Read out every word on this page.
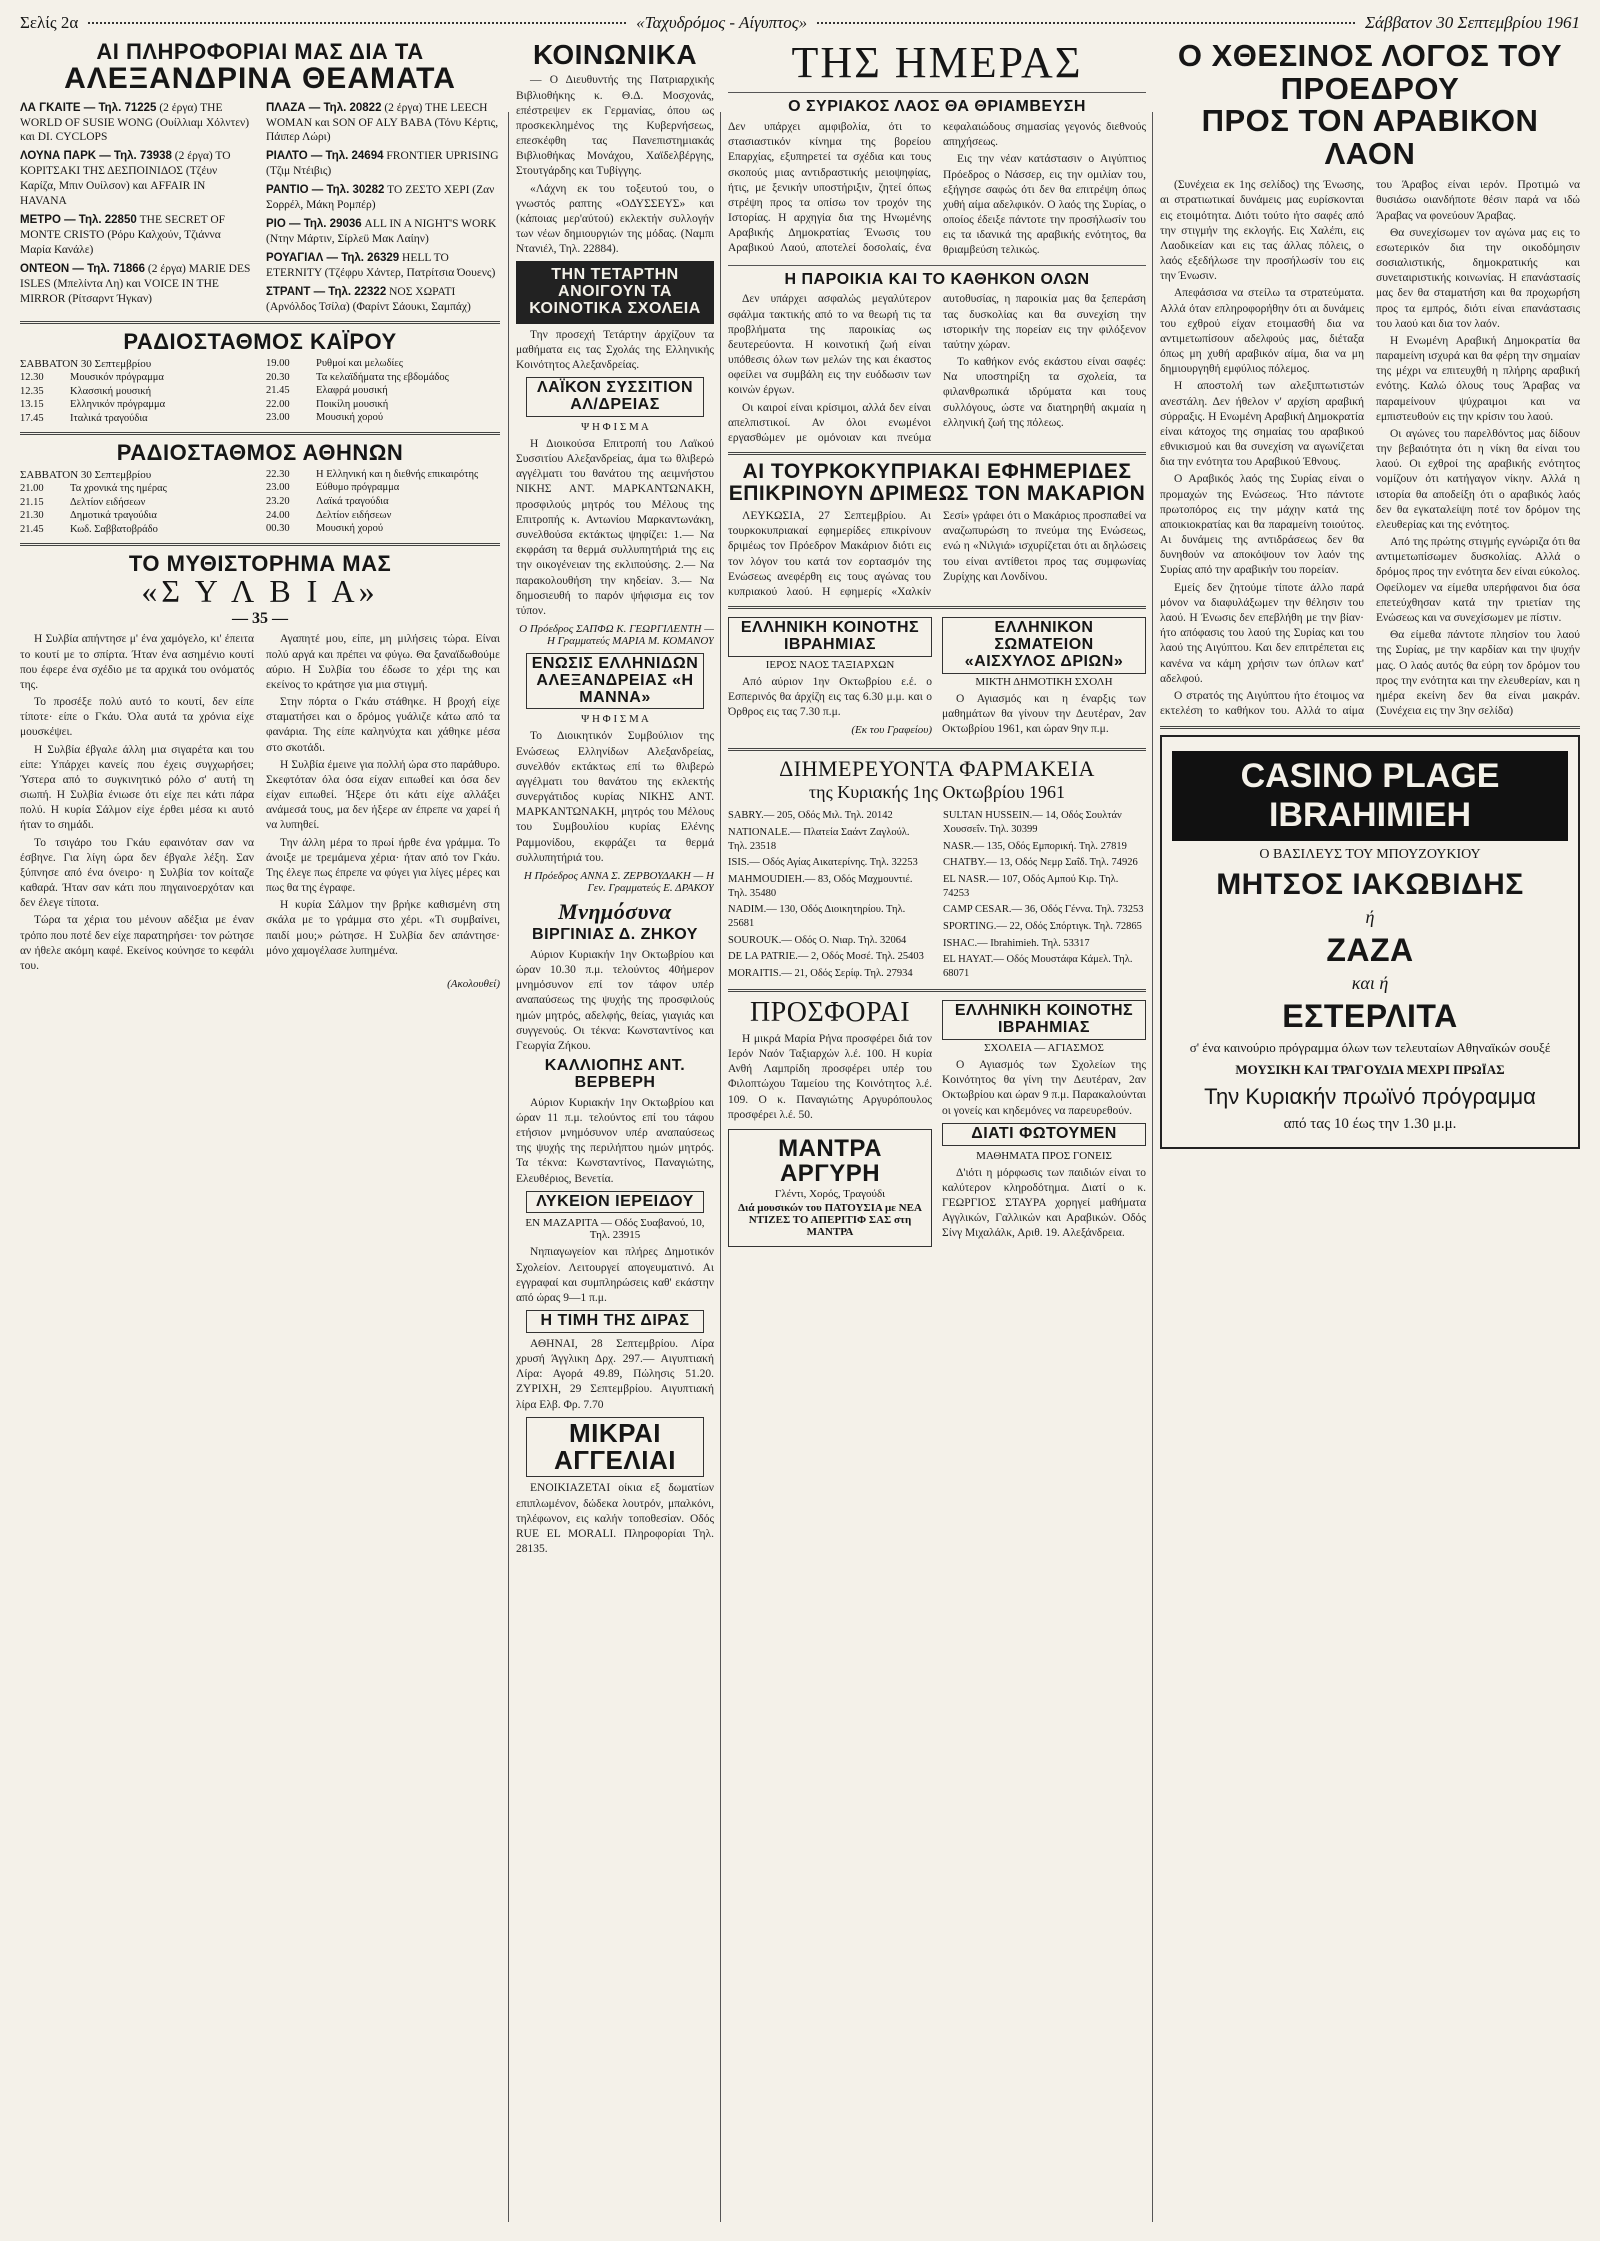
Σελίς 2α	«Ταχυδρόμος - Αίγυπτος»	Σάββατον 30 Σεπτεμβρίου 1961

ΑΙ ΠΛΗΡΟΦΟΡΙΑΙ ΜΑΣ ΔΙΑ ΤΑ

ΑΛΕΞΑΝΔΡΙΝΑ ΘΕΑΜΑΤΑ

ΛΑ ΓΚΑΙΤΕ — Τηλ. 71225 (2 έργα) THE WORLD OF SUSIE WONG (Ουίλλιαμ Χόλντεν) και DI. CYCLOPS
ΛΟΥΝΑ ΠΑΡΚ — Τηλ. 73938 (2 έργα) ΤΟ ΚΟΡΙΤΣΑΚΙ ΤΗΣ ΔΕΣΠΟΙΝΙΔΟΣ (Τζέυν Καρίζα, Μπιν Ουίλσον) και AFFAIR IN HAVANA
ΜΕΤΡΟ — Τηλ. 22850 THE SECRET OF MONTE CRISTO (Ρόρυ Καλχούν, Τζιάννα Μαρία Κανάλε)
ΟΝΤΕΟΝ — Τηλ. 71866 (2 έργα) MARIE DES ISLES (Μπελίντα Λη) και VOICE IN THE MIRROR (Ρίτσαρντ Ήγκαν)
ΠΛΑΖΑ — Τηλ. 20822 (2 έργα) THE LEECH WOMAN και SON OF ALY BABA (Τόνυ Κέρτις, Πάιπερ Λώρι)
ΡΙΑΛΤΟ — Τηλ. 24694 FRONTIER UPRISING (Τζιμ Ντέιβις)
ΡΑΝΤΙΟ — Τηλ. 30282 ΤΟ ΖΕΣΤΟ ΧΕΡΙ (Ζαν Σορρέλ, Μάκη Ρομπέρ)
ΡΙΟ — Τηλ. 29036 ALL IN A NIGHT'S WORK (Ντην Μάρτιν, Σίρλεϋ Μακ Λαίην)
ΡΟΥΑΓΙΑΛ — Τηλ. 26329 HELL TO ETERNITY (Τζέφρυ Χάντερ, Πατρίτσια Όουενς)
ΣΤΡΑΝΤ — Τηλ. 22322 ΝΟΣ ΧΩΡΑΤΙ (Αρνόλδος Τσίλα) (Φαρίντ Σάουκι, Σαμπάχ)

ΡΑΔΙΟΣΤΑΘΜΟΣ ΚΑΪΡΟΥ

ΣΑΒΒΑΤΟΝ 30 Σεπτεμβρίου
12.30	Μουσικόν πρόγραμμα
12.35	Κλασσική μουσική
13.15	Ελληνικόν πρόγραμμα
17.45	Ιταλικά τραγούδια
19.00	Ρυθμοί και μελωδίες
20.30	Τα κελαϊδήματα της εβδομάδος
21.45	Ελαφρά μουσική
22.00	Ποικίλη μουσική
23.00	Μουσική χορού

ΡΑΔΙΟΣΤΑΘΜΟΣ ΑΘΗΝΩΝ

ΣΑΒΒΑΤΟΝ 30 Σεπτεμβρίου
21.00	Τα χρονικά της ημέρας
21.15	Δελτίον ειδήσεων
21.30	Δημοτικά τραγούδια
21.45	Κωδ. Σαββατοβράδο
22.30	Η Ελληνική και η διεθνής επικαιρότης
23.00	Εύθυμο πρόγραμμα
23.20	Λαϊκά τραγούδια
24.00	Δελτίον ειδήσεων
00.30	Μουσική χορού

ΤΟ ΜΥΘΙΣΤΟΡΗΜΑ ΜΑΣ

«Σ Υ Λ Β Ι Α»

— 35 —

Η Συλβία απήντησε μ' ένα χαμόγελο, κι' έπειτα το κουτί με το σπίρτα. Ήταν ένα ασημένιο κουτί που έφερε ένα σχέδιο με τα αρχικά του ονόματός της.

Το προσέξε πολύ αυτό το κουτί, δεν είπε τίποτε· είπε ο Γκάυ. Όλα αυτά τα χρόνια είχε μουσκέψει.

Η Συλβία έβγαλε άλλη μια σιγαρέτα και του είπε: Υπάρχει κανείς που έχεις συγχωρήσει; Ύστερα από το συγκινητικό ρόλο σ' αυτή τη σιωπή. Η Συλβία ένιωσε ότι είχε πει κάτι πάρα πολύ. Η κυρία Σάλμον είχε έρθει μέσα κι αυτό ήταν το σημάδι.

Το τσιγάρο του Γκάυ εφαινόταν σαν να έσβηνε. Για λίγη ώρα δεν έβγαλε λέξη. Σαν ξύπνησε από ένα όνειρο· η Συλβία τον κοίταζε καθαρά. Ήταν σαν κάτι που πηγαινοερχόταν και δεν έλεγε τίποτα.

Τώρα τα χέρια του μένουν αδέξια με έναν τρόπο που ποτέ δεν είχε παρατηρήσει· τον ρώτησε αν ήθελε ακόμη καφέ. Εκείνος κούνησε το κεφάλι του.

Αγαπητέ μου, είπε, μη μιλήσεις τώρα. Είναι πολύ αργά και πρέπει να φύγω. Θα ξαναϊδωθούμε αύριο. Η Συλβία του έδωσε το χέρι της και εκείνος το κράτησε για μια στιγμή.

Στην πόρτα ο Γκάυ στάθηκε. Η βροχή είχε σταματήσει και ο δρόμος γυάλιζε κάτω από τα φανάρια. Της είπε καληνύχτα και χάθηκε μέσα στο σκοτάδι.

Η Συλβία έμεινε για πολλή ώρα στο παράθυρο. Σκεφτόταν όλα όσα είχαν ειπωθεί και όσα δεν είχαν ειπωθεί. Ήξερε ότι κάτι είχε αλλάξει ανάμεσά τους, μα δεν ήξερε αν έπρεπε να χαρεί ή να λυπηθεί.

Την άλλη μέρα το πρωί ήρθε ένα γράμμα. Το άνοιξε με τρεμάμενα χέρια· ήταν από τον Γκάυ. Της έλεγε πως έπρεπε να φύγει για λίγες μέρες και πως θα της έγραφε.

Η κυρία Σάλμον την βρήκε καθισμένη στη σκάλα με το γράμμα στο χέρι. «Τι συμβαίνει, παιδί μου;» ρώτησε. Η Συλβία δεν απάντησε· μόνο χαμογέλασε λυπημένα.

(Ακολουθεί)

ΚΟΙΝΩΝΙΚΑ

— Ο Διευθυντής της Πατριαρχικής Βιβλιοθήκης κ. Θ.Δ. Μοσχονάς, επέστρεψεν εκ Γερμανίας, όπου ως προσκεκλημένος της Κυβερνήσεως, επεσκέφθη τας Πανεπιστημιακάς Βιβλιοθήκας Μονάχου, Χαϊδελβέργης, Στουτγάρδης και Τυβίγγης.

«Λάχνη εκ του τοξευτού του, ο γνωστός ραπτης «ΟΔΥΣΣΕΥΣ» και (κάποιας μερ'αύτού) εκλεκτήν συλλογήν των νέων δημιουργιών της μόδας. (Ναμπι Ντανιέλ, Τηλ. 22884).

ΤΗΝ ΤΕΤΑΡΤΗΝ ΑΝΟΙΓΟΥΝ ΤΑ ΚΟΙΝΟΤΙΚΑ ΣΧΟΛΕΙΑ

Την προσεχή Τετάρτην άρχίζουν τα μαθήματα εις τας Σχολάς της Ελληνικής Κοινότητος Αλεξανδρείας.

ΛΑΪΚΟΝ ΣΥΣΣΙΤΙΟΝ ΑΛ/ΔΡΕΙΑΣ
Ψ Η Φ Ι Σ Μ Α

Η Διοικούσα Επιτροπή του Λαϊκού Συσσιτίου Αλεξανδρείας, άμα τω θλιβερώ αγγέλματι του θανάτου της αειμνήστου ΝΙΚΗΣ ΑΝΤ. ΜΑΡΚΑΝΤΩΝΑΚΗ, προσφιλούς μητρός του Μέλους της Επιτροπής κ. Αντωνίου Μαρκαντωνάκη, συνελθούσα εκτάκτως ψηφίζει: 1.— Να εκφράση τα θερμά συλλυπητήριά της εις την οικογένειαν της εκλιπούσης. 2.— Να παρακολουθήση την κηδείαν. 3.— Να δημοσιευθή το παρόν ψήφισμα εις τον τύπον.

Ο Πρόεδρος ΣΑΠΦΩ Κ. ΓΕΩΡΓΙΛΕΝΤΗ — Η Γραμματεύς ΜΑΡΙΑ Μ. ΚΟΜΑΝΟΥ
ΕΝΩΣΙΣ ΕΛΛΗΝΙΔΩΝ ΑΛΕΞΑΝΔΡΕΙΑΣ «Η ΜΑΝΝΑ»
Ψ Η Φ Ι Σ Μ Α

Το Διοικητικόν Συμβούλιον της Ενώσεως Ελληνίδων Αλεξανδρείας, συνελθόν εκτάκτως επί τω θλιβερώ αγγέλματι του θανάτου της εκλεκτής συνεργάτιδος κυρίας ΝΙΚΗΣ ΑΝΤ. ΜΑΡΚΑΝΤΩΝΑΚΗ, μητρός του Μέλους του Συμβουλίου κυρίας Ελένης Ραμμονίδου, εκφράζει τα θερμά συλλυπητήριά του.

Η Πρόεδρος ΑΝΝΑ Σ. ΖΕΡΒΟΥΔΑΚΗ — Η Γεν. Γραμματεύς Ε. ΔΡΑΚΟΥ

Μνημόσυνα

ΒΙΡΓΙΝΙΑΣ Δ. ΖΗΚΟΥ

Αύριον Κυριακήν 1ην Οκτωβρίου και ώραν 10.30 π.μ. τελούντος 40ήμερον μνημόσυνον επί τον τάφον υπέρ αναπαύσεως της ψυχής της προσφιλούς ημών μητρός, αδελφής, θείας, γιαγιάς και συγγενούς. Οι τέκνα: Κωνσταντίνος και Γεωργία Ζήκου.

ΚΑΛΛΙΟΠΗΣ ΑΝΤ. ΒΕΡΒΕΡΗ

Αύριον Κυριακήν 1ην Οκτωβρίου και ώραν 11 π.μ. τελούντος επί του τάφου ετήσιον μνημόσυνον υπέρ αναπαύσεως της ψυχής της περιλήπτου ημών μητρός. Τα τέκνα: Κωνσταντίνος, Παναγιώτης, Ελευθέριος, Βενετία.

ΛΥΚΕΙΟΝ ΙΕΡΕΙΔΟΥ
ΕΝ ΜΑΖΑΡΙΤΑ — Οδός Συαβανού, 10, Τηλ. 23915

Νηπιαγωγείον και πλήρες Δημοτικόν Σχολείον. Λειτουργεί απογευματινό. Αι εγγραφαί και συμπληρώσεις καθ' εκάστην από ώρας 9—1 π.μ.

Η ΤΙΜΗ ΤΗΣ ΔΙΡΑΣ

ΑΘΗΝΑΙ, 28 Σεπτεμβρίου. Λίρα χρυσή Άγγλικη Δρχ. 297.— Αιγυπτιακή Λίρα: Αγορά 49.89, Πώλησις 51.20. ΖΥΡΙΧΗ, 29 Σεπτεμβρίου. Αιγυπτιακή λίρα Ελβ. Φρ. 7.70

ΜΙΚΡΑΙ ΑΓΓΕΛΙΑΙ

ΕΝΟΙΚΙΑΖΕΤΑΙ οίκια εξ δωματίων επιπλωμένον, δώδεκα λουτρόν, μπαλκόνι, τηλέφωνον, εις καλήν τοποθεσίαν. Οδός RUE EL MORALI. Πληροφορίαι Τηλ. 28135.

ΤΗΣ ΗΜΕΡΑΣ

Ο ΣΥΡΙΑΚΟΣ ΛΑΟΣ ΘΑ ΘΡΙΑΜΒΕΥΣΗ

Δεν υπάρχει αμφιβολία, ότι το στασιαστικόν κίνημα της βορείου Επαρχίας, εξυπηρετεί τα σχέδια και τους σκοπούς μιας αντιδραστικής μειοψηφίας, ήτις, με ξενικήν υποστήριξιν, ζητεί όπως στρέψη προς τα οπίσω τον τροχόν της Ιστορίας. Η αρχηγία δια της Ηνωμένης Αραβικής Δημοκρατίας Ένωσις του Αραβικού Λαού, αποτελεί δοσολαίς, ένα κεφαλαιώδους σημασίας γεγονός διεθνούς απηχήσεως.

Εις την νέαν κατάστασιν ο Αιγύπτιος Πρόεδρος ο Νάσσερ, εις την ομιλίαν του, εξήγησε σαφώς ότι δεν θα επιτρέψη όπως χυθή αίμα αδελφικόν. Ο λαός της Συρίας, ο οποίος έδειξε πάντοτε την προσήλωσίν του εις τα ιδανικά της αραβικής ενότητος, θα θριαμβεύση τελικώς.

Η ΠΑΡΟΙΚΙΑ ΚΑΙ ΤΟ ΚΑΘΗΚΟΝ ΟΛΩΝ

Δεν υπάρχει ασφαλώς μεγαλύτερον σφάλμα τακτικής από το να θεωρή τις τα προβλήματα της παροικίας ως δευτερεύοντα. Η κοινοτική ζωή είναι υπόθεσις όλων των μελών της και έκαστος οφείλει να συμβάλη εις την ευόδωσιν των κοινών έργων.

Οι καιροί είναι κρίσιμοι, αλλά δεν είναι απελπιστικοί. Αν όλοι ενωμένοι εργασθώμεν με ομόνοιαν και πνεύμα αυτοθυσίας, η παροικία μας θα ξεπεράση τας δυσκολίας και θα συνεχίση την ιστορικήν της πορείαν εις την φιλόξενον ταύτην χώραν.

Το καθήκον ενός εκάστου είναι σαφές: Να υποστηρίξη τα σχολεία, τα φιλανθρωπικά ιδρύματα και τους συλλόγους, ώστε να διατηρηθή ακμαία η ελληνική ζωή της πόλεως.

ΑΙ ΤΟΥΡΚΟΚΥΠΡΙΑΚΑΙ ΕΦΗΜΕΡΙΔΕΣ ΕΠΙΚΡΙΝΟΥΝ ΔΡΙΜΕΩΣ ΤΟΝ ΜΑΚΑΡΙΟΝ

ΛΕΥΚΩΣΙΑ, 27 Σεπτεμβρίου. Αι τουρκοκυπριακαί εφημερίδες επικρίνουν δριμέως τον Πρόεδρον Μακάριον διότι εις τον λόγον του κατά τον εορτασμόν της Ενώσεως ανεφέρθη εις τους αγώνας του κυπριακού λαού. Η εφημερίς «Χαλκίν Σεσί» γράφει ότι ο Μακάριος προσπαθεί να αναζωπυρώση το πνεύμα της Ενώσεως, ενώ η «Νιλγιά» ισχυρίζεται ότι αι δηλώσεις του είναι αντίθετοι προς τας συμφωνίας Ζυρίχης και Λονδίνου.

ΕΛΛΗΝΙΚΗ ΚΟΙΝΟΤΗΣ ΙΒΡΑΗΜΙΑΣ
ΙΕΡΟΣ ΝΑΟΣ ΤΑΞΙΑΡΧΩΝ

Από αύριον 1ην Οκτωβρίου ε.έ. ο Εσπερινός θα άρχίζη εις τας 6.30 μ.μ. και ο Όρθρος εις τας 7.30 π.μ.

(Εκ του Γραφείου)
ΕΛΛΗΝΙΚΟΝ ΣΩΜΑΤΕΙΟΝ «ΑΙΣΧΥΛΟΣ ΔΡΙΩΝ»
ΜΙΚΤΗ ΔΗΜΟΤΙΚΗ ΣΧΟΛΗ

Ο Αγιασμός και η έναρξις των μαθημάτων θα γίνουν την Δευτέραν, 2αν Οκτωβρίου 1961, και ώραν 9ην π.μ.

ΔΙΗΜΕΡΕΥΟΝΤΑ ΦΑΡΜΑΚΕΙΑ

της Κυριακής 1ης Οκτωβρίου 1961

SABRY.— 205, Οδός Μιλ. Τηλ. 20142
NATIONALE.— Πλατεία Σαάντ Ζαγλούλ. Τηλ. 23518
ISIS.— Οδός Αγίας Αικατερίνης. Τηλ. 32253
MAHMOUDIEH.— 83, Οδός Μαχμουντιέ. Τηλ. 35480
NADIM.— 130, Οδός Διοικητηρίου. Τηλ. 25681
SOUROUK.— Οδός Ο. Νιαρ. Τηλ. 32064
DE LA PATRIE.— 2, Οδός Μοσέ. Τηλ. 25403
MORAITIS.— 21, Οδός Σερίφ. Τηλ. 27934
SULTAN HUSSEIN.— 14, Οδός Σουλτάν Χουσσεΐν. Τηλ. 30399
NASR.— 135, Οδός Εμπορική. Τηλ. 27819
CHATBY.— 13, Οδός Νεμρ Σαΐδ. Τηλ. 74926
EL NASR.— 107, Οδός Αμπού Κιρ. Τηλ. 74253
CAMP CESAR.— 36, Οδός Γέννα. Τηλ. 73253
SPORTING.— 22, Οδός Σπόρτιγκ. Τηλ. 72865
ISHAC.— Ibrahimieh. Τηλ. 53317
EL HAYAT.— Οδός Μουστάφα Κάμελ. Τηλ. 68071

ΠΡΟΣΦΟΡΑΙ

Η μικρά Μαρία Ρήνα προσφέρει διά τον Ιερόν Ναόν Ταξιαρχών λ.έ. 100. Η κυρία Ανθή Λαμπρίδη προσφέρει υπέρ του Φιλοπτώχου Ταμείου της Κοινότητος λ.έ. 109. Ο κ. Παναγιώτης Αργυρόπουλος προσφέρει λ.έ. 50.

ΜΑΝΤΡΑ ΑΡΓΥΡΗ

Γλέντι, Χορός, Τραγούδι

Διά μουσικών του ΠΑΤΟΥΣΙΑ με ΝΕΑ ΝΤΙΖΕΣ ΤΟ ΑΠΕΡΙΤΙΦ ΣΑΣ στη ΜΑΝΤΡΑ

ΕΛΛΗΝΙΚΗ ΚΟΙΝΟΤΗΣ ΙΒΡΑΗΜΙΑΣ
ΣΧΟΛΕΙΑ — ΑΓΙΑΣΜΟΣ

Ο Αγιασμός των Σχολείων της Κοινότητος θα γίνη την Δευτέραν, 2αν Οκτωβρίου και ώραν 9 π.μ. Παρακαλούνται οι γονείς και κηδεμόνες να παρευρεθούν.

ΔΙΑΤΙ ΦΩΤΟΥΜΕΝ
ΜΑΘΗΜΑΤΑ ΠΡΟΣ ΓΟΝΕΙΣ

Δ'ιότι η μόρφωσις των παιδιών είναι το καλύτερον κληροδότημα. Διατί ο κ. ΓΕΩΡΓΙΟΣ ΣΤΑΥΡΑ χορηγεί μαθήματα Αγγλικών, Γαλλικών και Αραβικών. Οδός Σίνγ Μιχαλάλκ, Αριθ. 19. Αλεξάνδρεια.

Ο ΧΘΕΣΙΝΟΣ ΛΟΓΟΣ ΤΟΥ ΠΡΟΕΔΡΟΥ

ΠΡΟΣ ΤΟΝ ΑΡΑΒΙΚΟΝ ΛΑΟΝ

(Συνέχεια εκ 1ης σελίδος) της Ένωσης, αι στρατιωτικαί δυνάμεις μας ευρίσκονται εις ετοιμότητα. Διότι τούτο ήτο σαφές από την στιγμήν της εκλογής. Εις Χαλέπι, εις Λαοδικείαν και εις τας άλλας πόλεις, ο λαός εξεδήλωσε την προσήλωσίν του εις την Ένωσιν.

Απεφάσισα να στείλω τα στρατεύματα. Αλλά όταν επληροφορήθην ότι αι δυνάμεις του εχθρού είχαν ετοιμασθή δια να αντιμετωπίσουν αδελφούς μας, διέταξα όπως μη χυθή αραβικόν αίμα, δια να μη δημιουργηθή εμφύλιος πόλεμος.

Η αποστολή των αλεξιπτωτιστών ανεστάλη. Δεν ήθελον ν' αρχίση αραβική σύρραξις. Η Ενωμένη Αραβική Δημοκρατία είναι κάτοχος της σημαίας του αραβικού εθνικισμού και θα συνεχίση να αγωνίζεται δια την ενότητα του Αραβικού Έθνους.

Ο Αραβικός λαός της Συρίας είναι ο προμαχών της Ενώσεως. Ήτο πάντοτε πρωτοπόρος εις την μάχην κατά της αποικιοκρατίας και θα παραμείνη τοιούτος. Αι δυνάμεις της αντιδράσεως δεν θα δυνηθούν να αποκόψουν τον λαόν της Συρίας από την αραβικήν του πορείαν.

Εμείς δεν ζητούμε τίποτε άλλο παρά μόνον να διαφυλάξωμεν την θέλησιν του λαού. Η Ένωσις δεν επεβλήθη με την βίαν· ήτο απόφασις του λαού της Συρίας και του λαού της Αιγύπτου. Και δεν επιτρέπεται εις κανένα να κάμη χρήσιν των όπλων κατ' αδελφού.

Ο στρατός της Αιγύπτου ήτο έτοιμος να εκτελέση το καθήκον του. Αλλά το αίμα του Άραβος είναι ιερόν. Προτιμώ να θυσιάσω οιανδήποτε θέσιν παρά να ιδώ Άραβας να φονεύουν Άραβας.

Θα συνεχίσωμεν τον αγώνα μας εις το εσωτερικόν δια την οικοδόμησιν σοσιαλιστικής, δημοκρατικής και συνεταιριστικής κοινωνίας. Η επανάστασίς μας δεν θα σταματήση και θα προχωρήση προς τα εμπρός, διότι είναι επανάστασις του λαού και δια τον λαόν.

Η Ενωμένη Αραβική Δημοκρατία θα παραμείνη ισχυρά και θα φέρη την σημαίαν της μέχρι να επιτευχθή η πλήρης αραβική ενότης. Καλώ όλους τους Άραβας να παραμείνουν ψύχραιμοι και να εμπιστευθούν εις την κρίσιν του λαού.

Οι αγώνες του παρελθόντος μας δίδουν την βεβαιότητα ότι η νίκη θα είναι του λαού. Οι εχθροί της αραβικής ενότητος νομίζουν ότι κατήγαγον νίκην. Αλλά η ιστορία θα αποδείξη ότι ο αραβικός λαός δεν θα εγκαταλείψη ποτέ τον δρόμον της ελευθερίας και της ενότητος.

Από της πρώτης στιγμής εγνώριζα ότι θα αντιμετωπίσωμεν δυσκολίας. Αλλά ο δρόμος προς την ενότητα δεν είναι εύκολος. Οφείλομεν να είμεθα υπερήφανοι δια όσα επετεύχθησαν κατά την τριετίαν της Ενώσεως και να συνεχίσωμεν με πίστιν.

Θα είμεθα πάντοτε πλησίον του λαού της Συρίας, με την καρδίαν και την ψυχήν μας. Ο λαός αυτός θα εύρη τον δρόμον του προς την ενότητα και την ελευθερίαν, και η ημέρα εκείνη δεν θα είναι μακράν. (Συνέχεια εις την 3ην σελίδα)

CASINO PLAGE IBRAHIMIEH
Ο ΒΑΣΙΛΕΥΣ ΤΟΥ ΜΠΟΥΖΟΥΚΙΟΥ
ΜΗΤΣΟΣ ΙΑΚΩΒΙΔΗΣ
ή
ΖΑΖΑ
και ή
ΕΣΤΕΡΛΙΤΑ
σ' ένα καινούριο πρόγραμμα όλων των τελευταίων Αθηναϊκών σουξέ
ΜΟΥΣΙΚΗ ΚΑΙ ΤΡΑΓΟΥΔΙΑ ΜΕΧΡΙ ΠΡΩΪΑΣ
Την Κυριακήν πρωϊνό πρόγραμμα
από τας 10 έως την 1.30 μ.μ.
